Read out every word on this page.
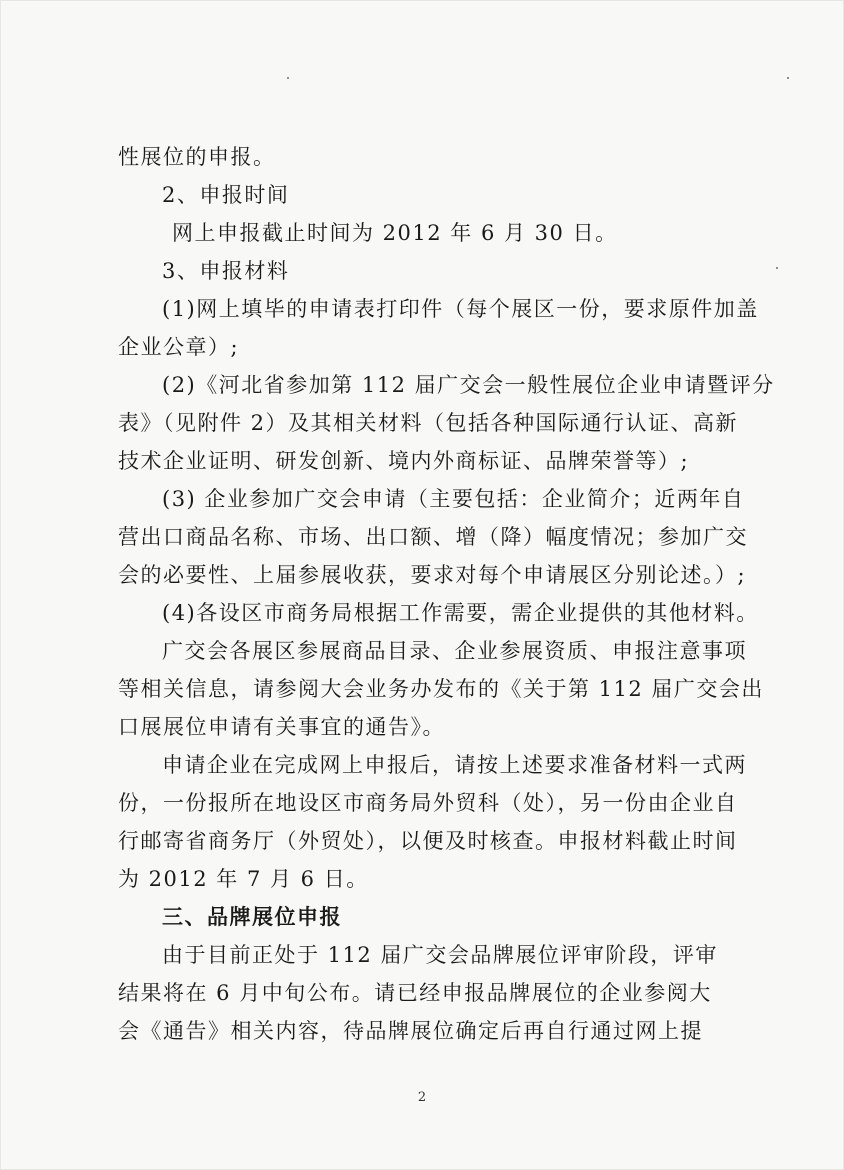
性展位的申报。

2、申报时间

网上申报截止时间为 2012 年 6 月 30 日。

3、申报材料

(1)网上填毕的申请表打印件（每个展区一份，要求原件加盖

企业公章）;

(2)《河北省参加第 112 届广交会一般性展位企业申请暨评分

表》（见附件 2）及其相关材料（包括各种国际通行认证、高新

技术企业证明、研发创新、境内外商标证、品牌荣誉等）;

(3) 企业参加广交会申请（主要包括：企业简介；近两年自

营出口商品名称、市场、出口额、增（降）幅度情况；参加广交

会的必要性、上届参展收获，要求对每个申请展区分别论述。）;

(4)各设区市商务局根据工作需要，需企业提供的其他材料。

广交会各展区参展商品目录、企业参展资质、申报注意事项

等相关信息，请参阅大会业务办发布的《关于第 112 届广交会出

口展展位申请有关事宜的通告》。

申请企业在完成网上申报后，请按上述要求准备材料一式两

份，一份报所在地设区市商务局外贸科（处），另一份由企业自

行邮寄省商务厅（外贸处），以便及时核查。申报材料截止时间

为 2012 年 7 月 6 日。

三、品牌展位申报

由于目前正处于 112 届广交会品牌展位评审阶段，评审

结果将在 6 月中旬公布。请已经申报品牌展位的企业参阅大

会《通告》相关内容，待品牌展位确定后再自行通过网上提

2
